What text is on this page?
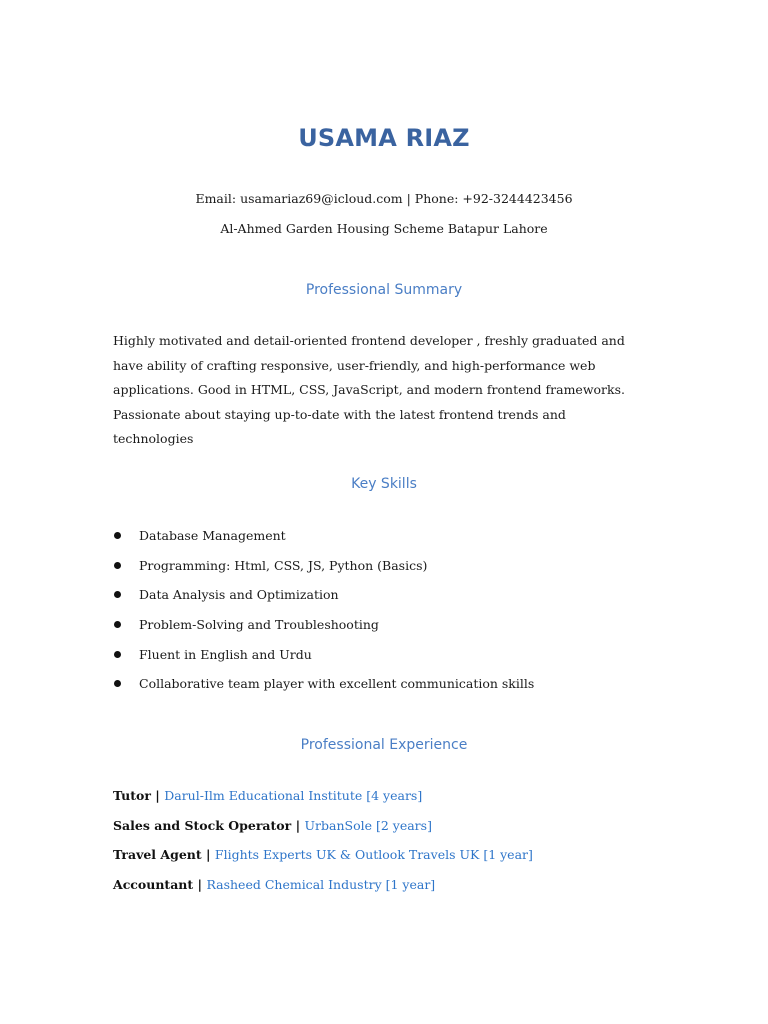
USAMA RIAZ
Email: usamariaz69@icloud.com | Phone: +92-3244423456
Al-Ahmed Garden Housing Scheme Batapur Lahore
Professional Summary

Highly motivated and detail-oriented frontend developer , freshly graduated and have ability of crafting responsive, user-friendly, and high-performance web applications. Good in HTML, CSS, JavaScript, and modern frontend frameworks. Passionate about staying up-to-date with the latest frontend trends and technologies

Key Skills
Database Management
Programming: Html, CSS, JS, Python (Basics)
Data Analysis and Optimization
Problem-Solving and Troubleshooting
Fluent in English and Urdu
Collaborative team player with excellent communication skills
Professional Experience
Tutor | Darul-Ilm Educational Institute [4 years]
Sales and Stock Operator | UrbanSole [2 years]
Travel Agent | Flights Experts UK & Outlook Travels UK [1 year]
Accountant | Rasheed Chemical Industry [1 year]
